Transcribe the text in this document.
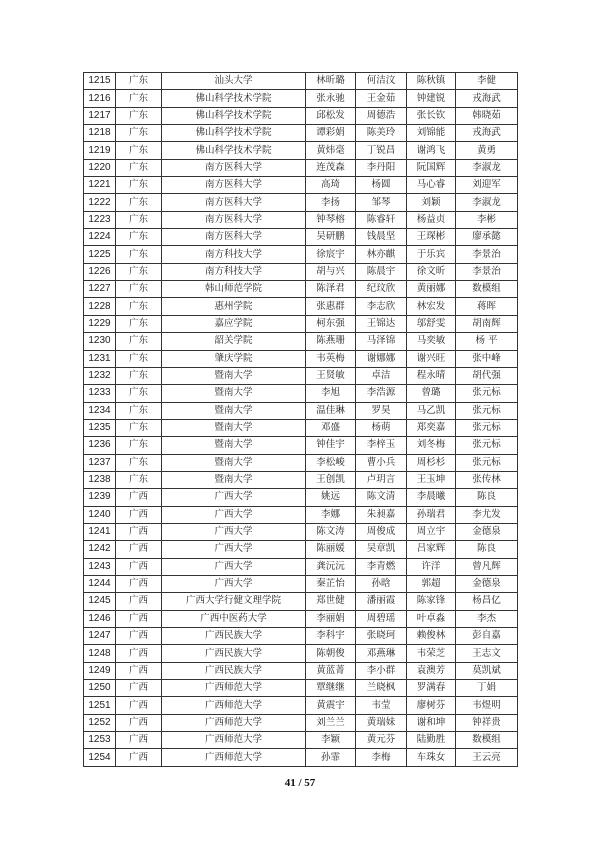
1215	广东	汕头大学	林昕璐	何洁汶	陈秋镇	李健
1216	广东	佛山科学技术学院	张永驰	王金茹	钟建锐	戎海武
1217	广东	佛山科学技术学院	邱松发	周德浩	张长钦	韩晓茹
1218	广东	佛山科学技术学院	谭彩娟	陈美玲	刘锦能	戎海武
1219	广东	佛山科学技术学院	黄炜毫	丁锐昌	谢鸿飞	黄勇
1220	广东	南方医科大学	连茂森	李丹阳	阮国辉	李淑龙
1221	广东	南方医科大学	高琦	杨圆	马心睿	刘迎军
1222	广东	南方医科大学	李扬	邹琴	刘颖	李淑龙
1223	广东	南方医科大学	钟琴榕	陈睿轩	杨益贞	李彬
1224	广东	南方医科大学	吴研鹏	钱晨坚	王琛彬	廖承懿
1225	广东	南方科技大学	徐宸宇	林亦麒	于乐宾	李景治
1226	广东	南方科技大学	胡与兴	陈晨宇	徐文昕	李景治
1227	广东	韩山师范学院	陈泽君	纪玟欣	黄丽娜	数模组
1228	广东	惠州学院	张惠群	李志欣	林宏发	蒋晖
1229	广东	嘉应学院	柯东强	王锦达	邬舒雯	胡南辉
1230	广东	韶关学院	陈燕珊	马泽锦	马奕敏	杨 平
1231	广东	肇庆学院	韦英梅	谢娜娜	谢兴旺	张中峰
1232	广东	暨南大学	王贤敏	卓洁	程永晴	胡代强
1233	广东	暨南大学	李旭	李浩源	曾璐	张元标
1234	广东	暨南大学	温佳琳	罗昊	马乙凯	张元标
1235	广东	暨南大学	邓盛	杨萌	郑奕嘉	张元标
1236	广东	暨南大学	钟佳宇	李梓玉	刘冬梅	张元标
1237	广东	暨南大学	李松峻	曹小兵	周杉杉	张元标
1238	广东	暨南大学	王创凯	卢玥言	王玉坤	张传林
1239	广西	广西大学	姚远	陈文清	李晨曦	陈良
1240	广西	广西大学	李娜	朱昶嘉	孙瑞君	李尤发
1241	广西	广西大学	陈文涛	周俊成	周立宇	金德泉
1242	广西	广西大学	陈丽媛	吴章凯	吕家辉	陈良
1243	广西	广西大学	龚沅沅	李青燃	许洋	曾凡辉
1244	广西	广西大学	秦芷怡	孙晗	郭超	金德泉
1245	广西	广西大学行健文理学院	郑世健	潘丽霞	陈家锋	杨昌亿
1246	广西	广西中医药大学	李丽娟	周碧瑶	叶卓淼	李杰
1247	广西	广西民族大学	李科宇	张晓珂	赖俊林	彭自嘉
1248	广西	广西民族大学	陈朝俊	邓燕琳	韦荣芝	王志文
1249	广西	广西民族大学	黄蓝菁	李小群	袁澳芳	莫凯斌
1250	广西	广西师范大学	覃继继	兰晓枫	罗满春	丁娟
1251	广西	广西师范大学	黄震宇	韦莹	廖树芬	韦煜明
1252	广西	广西师范大学	刘兰兰	黄瑞妹	谢和坤	钟祥贵
1253	广西	广西师范大学	李颖	黄元芬	陆勤胜	数模组
1254	广西	广西师范大学	孙霏	李梅	车珠女	王云亮
41 / 57
